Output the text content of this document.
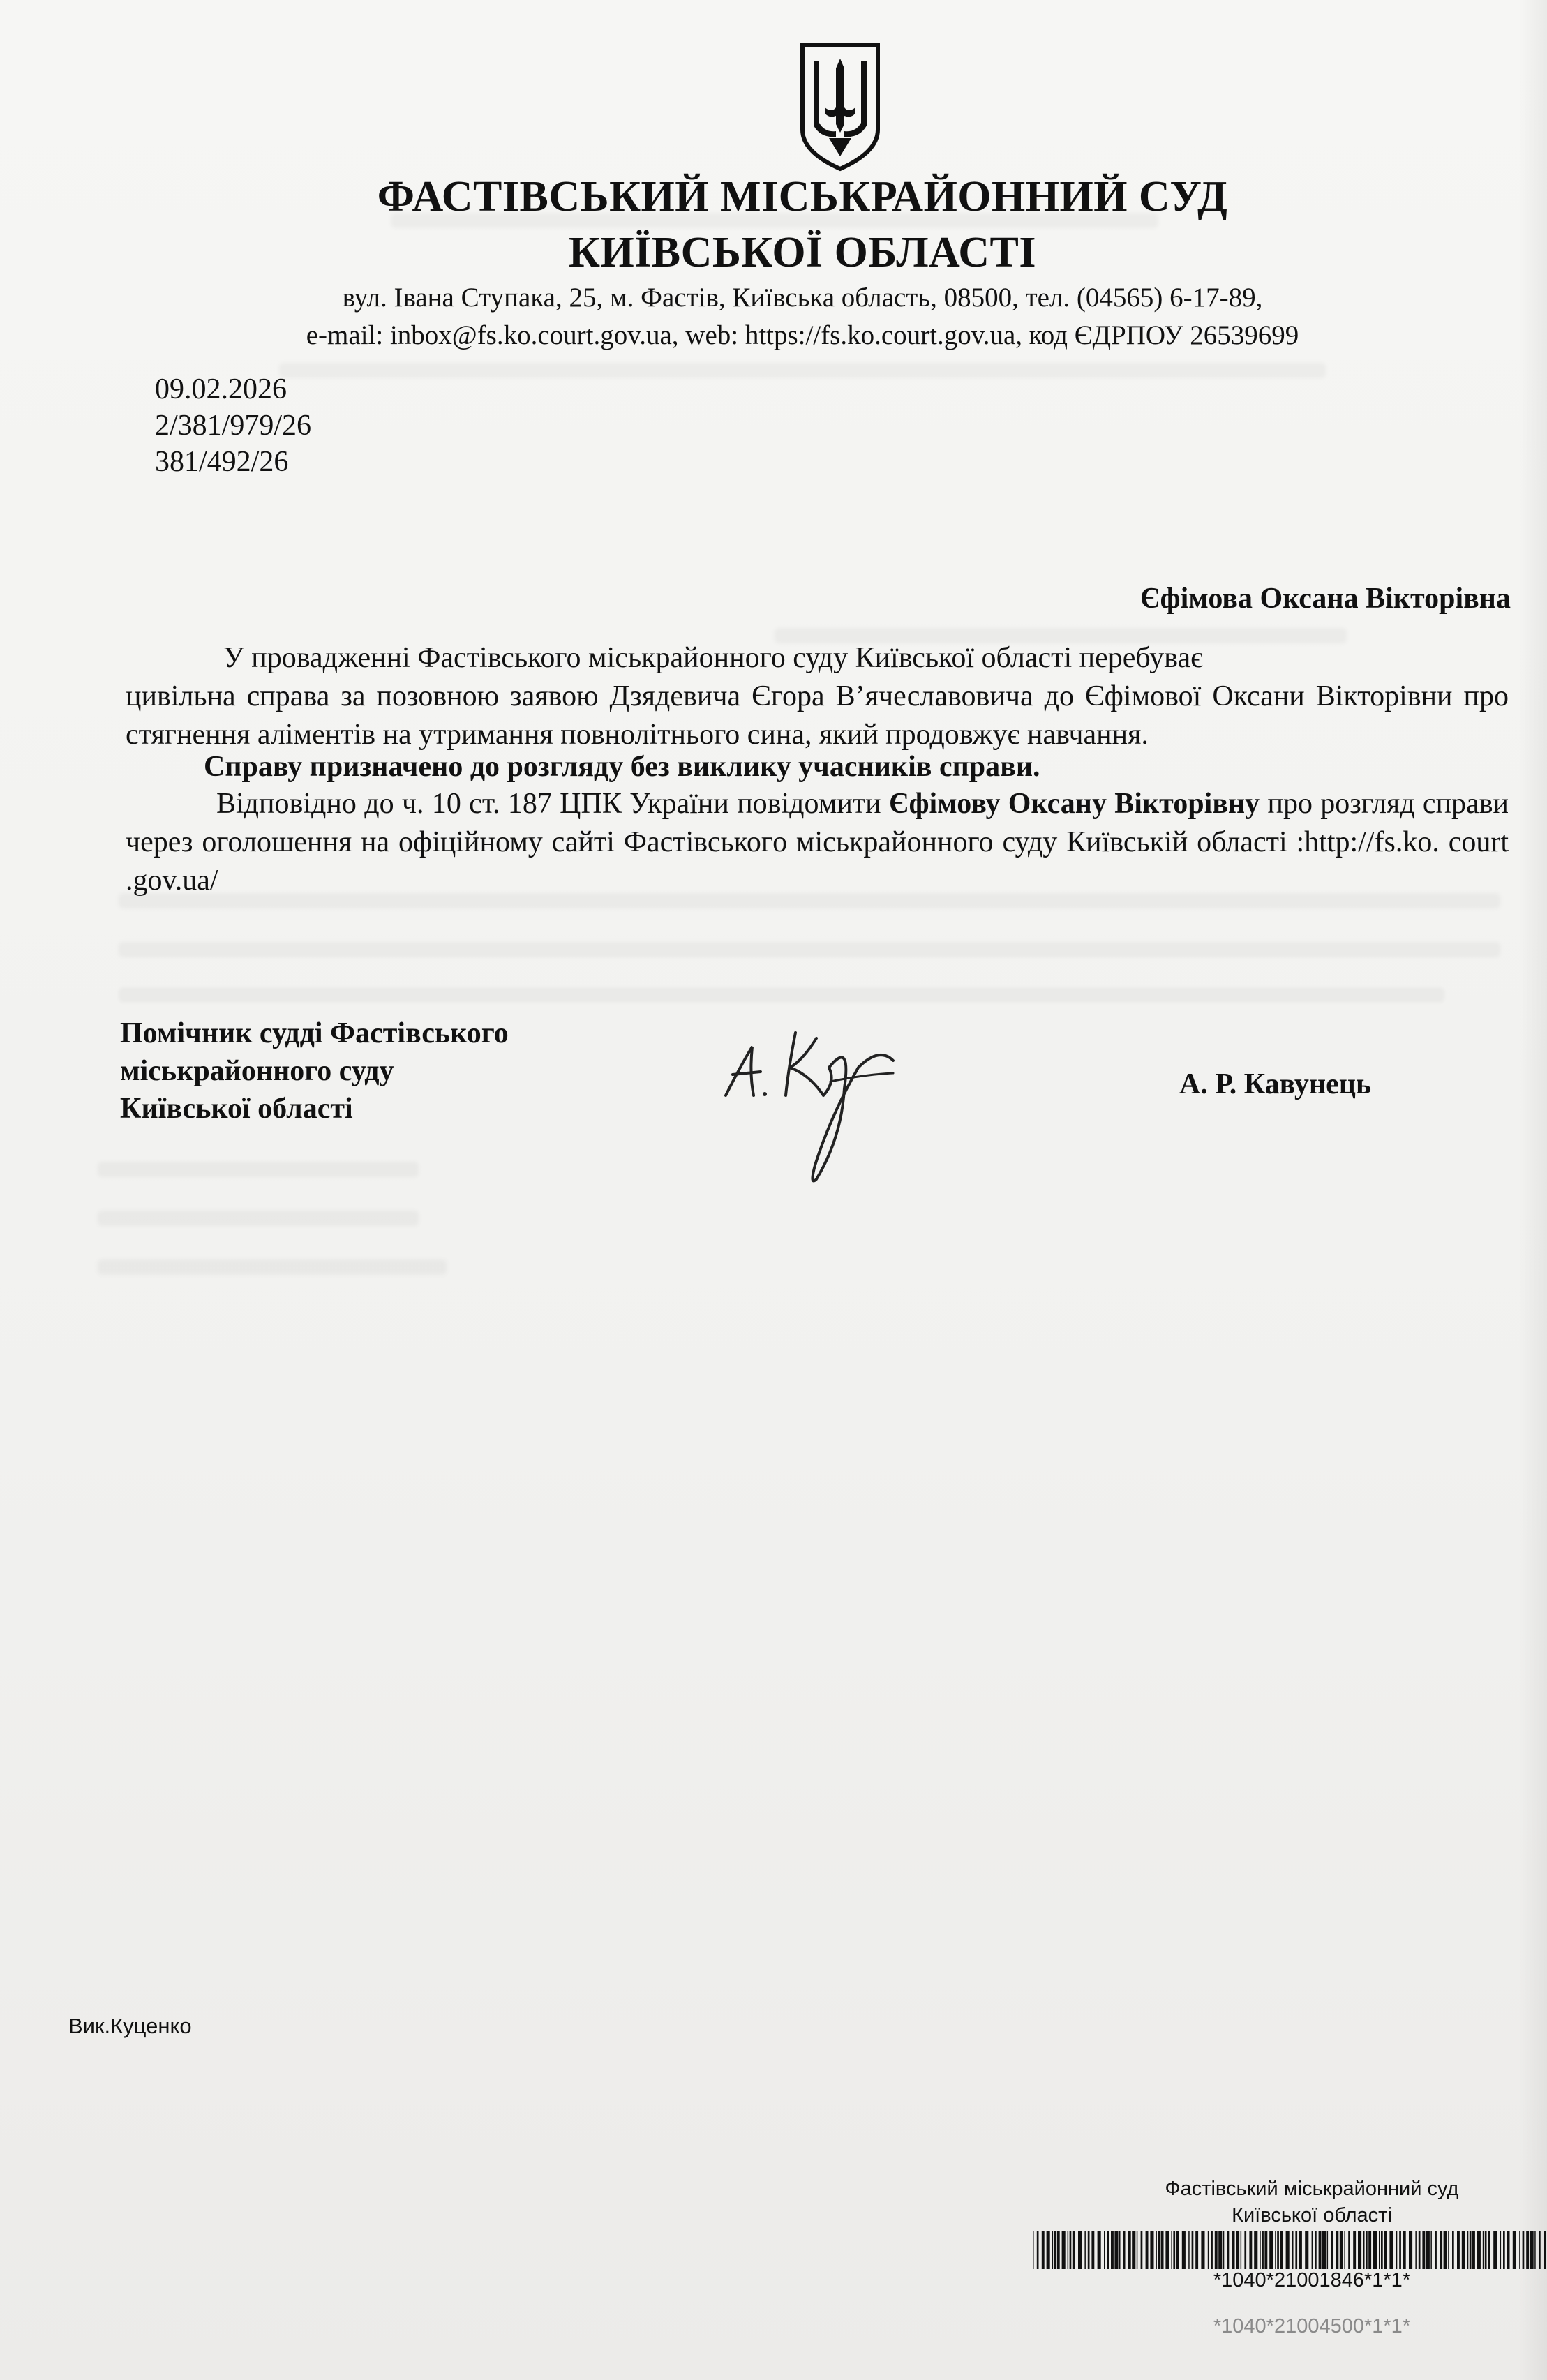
ФАСТІВСЬКИЙ МІСЬКРАЙОННИЙ СУД
КИЇВСЬКОЇ ОБЛАСТІ
вул. Івана Ступака, 25, м. Фастів, Київська область, 08500, тел. (04565) 6-17-89,
e-mail: inbox@fs.ko.court.gov.ua, web: https://fs.ko.court.gov.ua, код ЄДРПОУ 26539699
09.02.2026
2/381/979/26
381/492/26
Єфімова Оксана Вікторівна
У провадженні Фастівського міськрайонного суду Київської області перебуває
цивільна справа за позовною заявою Дзядевича Єгора В’ячеславовича до Єфімової Оксани Вікторівни про стягнення аліментів на утримання повнолітнього сина, який продовжує навчання.
Справу призначено до розгляду без виклику учасників справи.
Відповідно до ч. 10 ст. 187 ЦПК України повідомити Єфімову Оксану Вікторівну про розгляд справи через оголошення на офіційному сайті Фастівського міськрайонного суду Київській області :http://fs.ko. court .gov.ua/
Помічник судді Фастівського
міськрайонного суду
Київської області
А. Р. Кавунець
Вик.Куценко
Фастівський міськрайонний суд
Київської області
*1040*21001846*1*1*
*1040*21004500*1*1*
